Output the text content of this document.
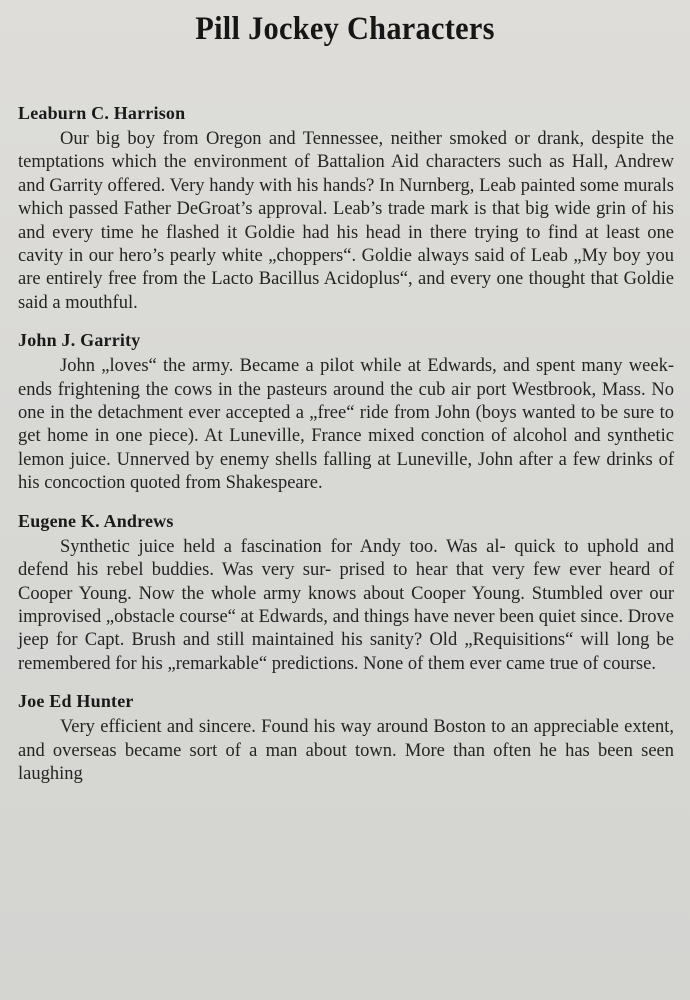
Pill Jockey Characters
Leaburn C. Harrison

Our big boy from Oregon and Tennessee, neither smoked or drank, despite the temptations which the environment of Battalion Aid characters such as Hall, Andrew and Garrity offered. Very handy with his hands? In Nurnberg, Leab painted some murals which passed Father DeGroat’s approval. Leab’s trade mark is that big wide grin of his and every time he flashed it Goldie had his head in there trying to find at least one cavity in our hero’s pearly white „choppers“. Goldie always said of Leab „My boy you are entirely free from the Lacto Bacillus Acidoplus“, and every one thought that Goldie said a mouthful.

John J. Garrity

John „loves“ the army. Became a pilot while at Edwards, and spent many week-ends frightening the cows in the pasteurs around the cub air port Westbrook, Mass. No one in the detachment ever accepted a „free“ ride from John (boys wanted to be sure to get home in one piece). At Luneville, France mixed conction of alcohol and synthetic lemon juice. Unnerved by enemy shells falling at Luneville, John after a few drinks of his concoction quoted from Shakespeare.

Eugene K. Andrews

Synthetic juice held a fascination for Andy too. Was al- quick to uphold and defend his rebel buddies. Was very sur- prised to hear that very few ever heard of Cooper Young. Now the whole army knows about Cooper Young. Stumbled over our improvised „obstacle course“ at Edwards, and things have never been quiet since. Drove jeep for Capt. Brush and still maintained his sanity? Old „Requisitions“ will long be remembered for his „remarkable“ predictions. None of them ever came true of course.

Joe Ed Hunter

Very efficient and sincere. Found his way around Boston to an appreciable extent, and overseas became sort of a man about town. More than often he has been seen laughing
